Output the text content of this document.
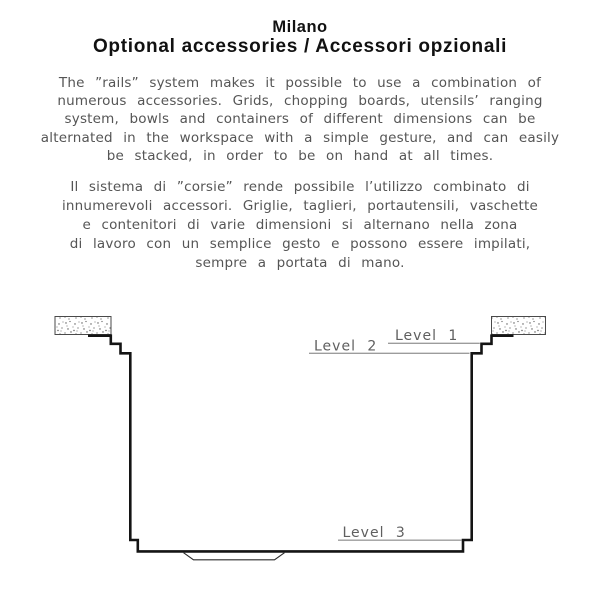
Milano
Optional accessories / Accessori opzionali
The ”rails” system makes it possible to use a combination of
numerous accessories. Grids, chopping boards, utensils’ ranging
system, bowls and containers of different dimensions can be
alternated in the workspace with a simple gesture, and can easily
be stacked, in order to be on hand at all times.
Il sistema di ”corsie” rende possibile l’utilizzo combinato di
innumerevoli accessori. Griglie, taglieri, portautensili, vaschette
e contenitori di varie dimensioni si alternano nella zona
di lavoro con un semplice gesto e possono essere impilati,
sempre a portata di mano.
Level 1
Level 2
Level 3
